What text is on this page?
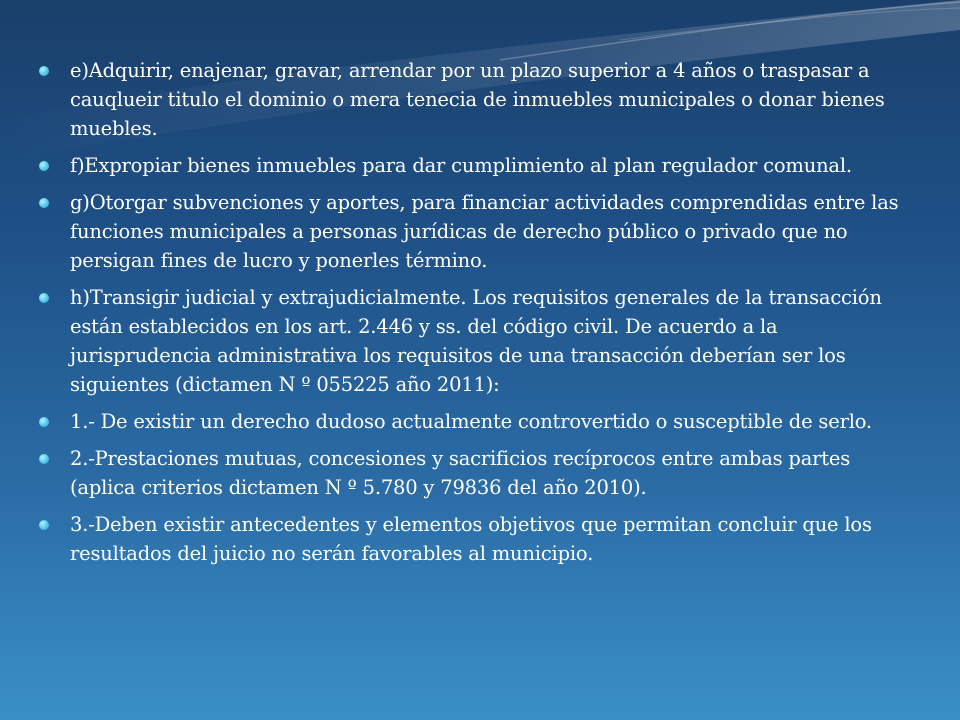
e)Adquirir, enajenar, gravar, arrendar por un plazo superior a 4 años o traspasar a cauqlueir titulo el dominio o mera tenecia de inmuebles municipales o donar bienes muebles.
f)Expropiar bienes inmuebles para dar cumplimiento al plan regulador comunal.
g)Otorgar subvenciones y aportes, para financiar actividades comprendidas entre las funciones municipales a personas jurídicas de derecho público o privado que no persigan fines de lucro y ponerles término.
h)Transigir judicial y extrajudicialmente. Los requisitos generales de la transacción están establecidos en los art. 2.446 y ss. del código civil. De acuerdo a la jurisprudencia administrativa los requisitos de una transacción deberían ser los siguientes (dictamen N º 055225 año 2011):
1.- De existir un derecho dudoso actualmente controvertido o susceptible de serlo.
2.-Prestaciones mutuas, concesiones y sacrificios recíprocos entre ambas partes (aplica criterios dictamen N º 5.780 y 79836 del año 2010).
3.-Deben existir antecedentes y elementos objetivos que permitan concluir que los resultados del juicio no serán favorables al municipio.
